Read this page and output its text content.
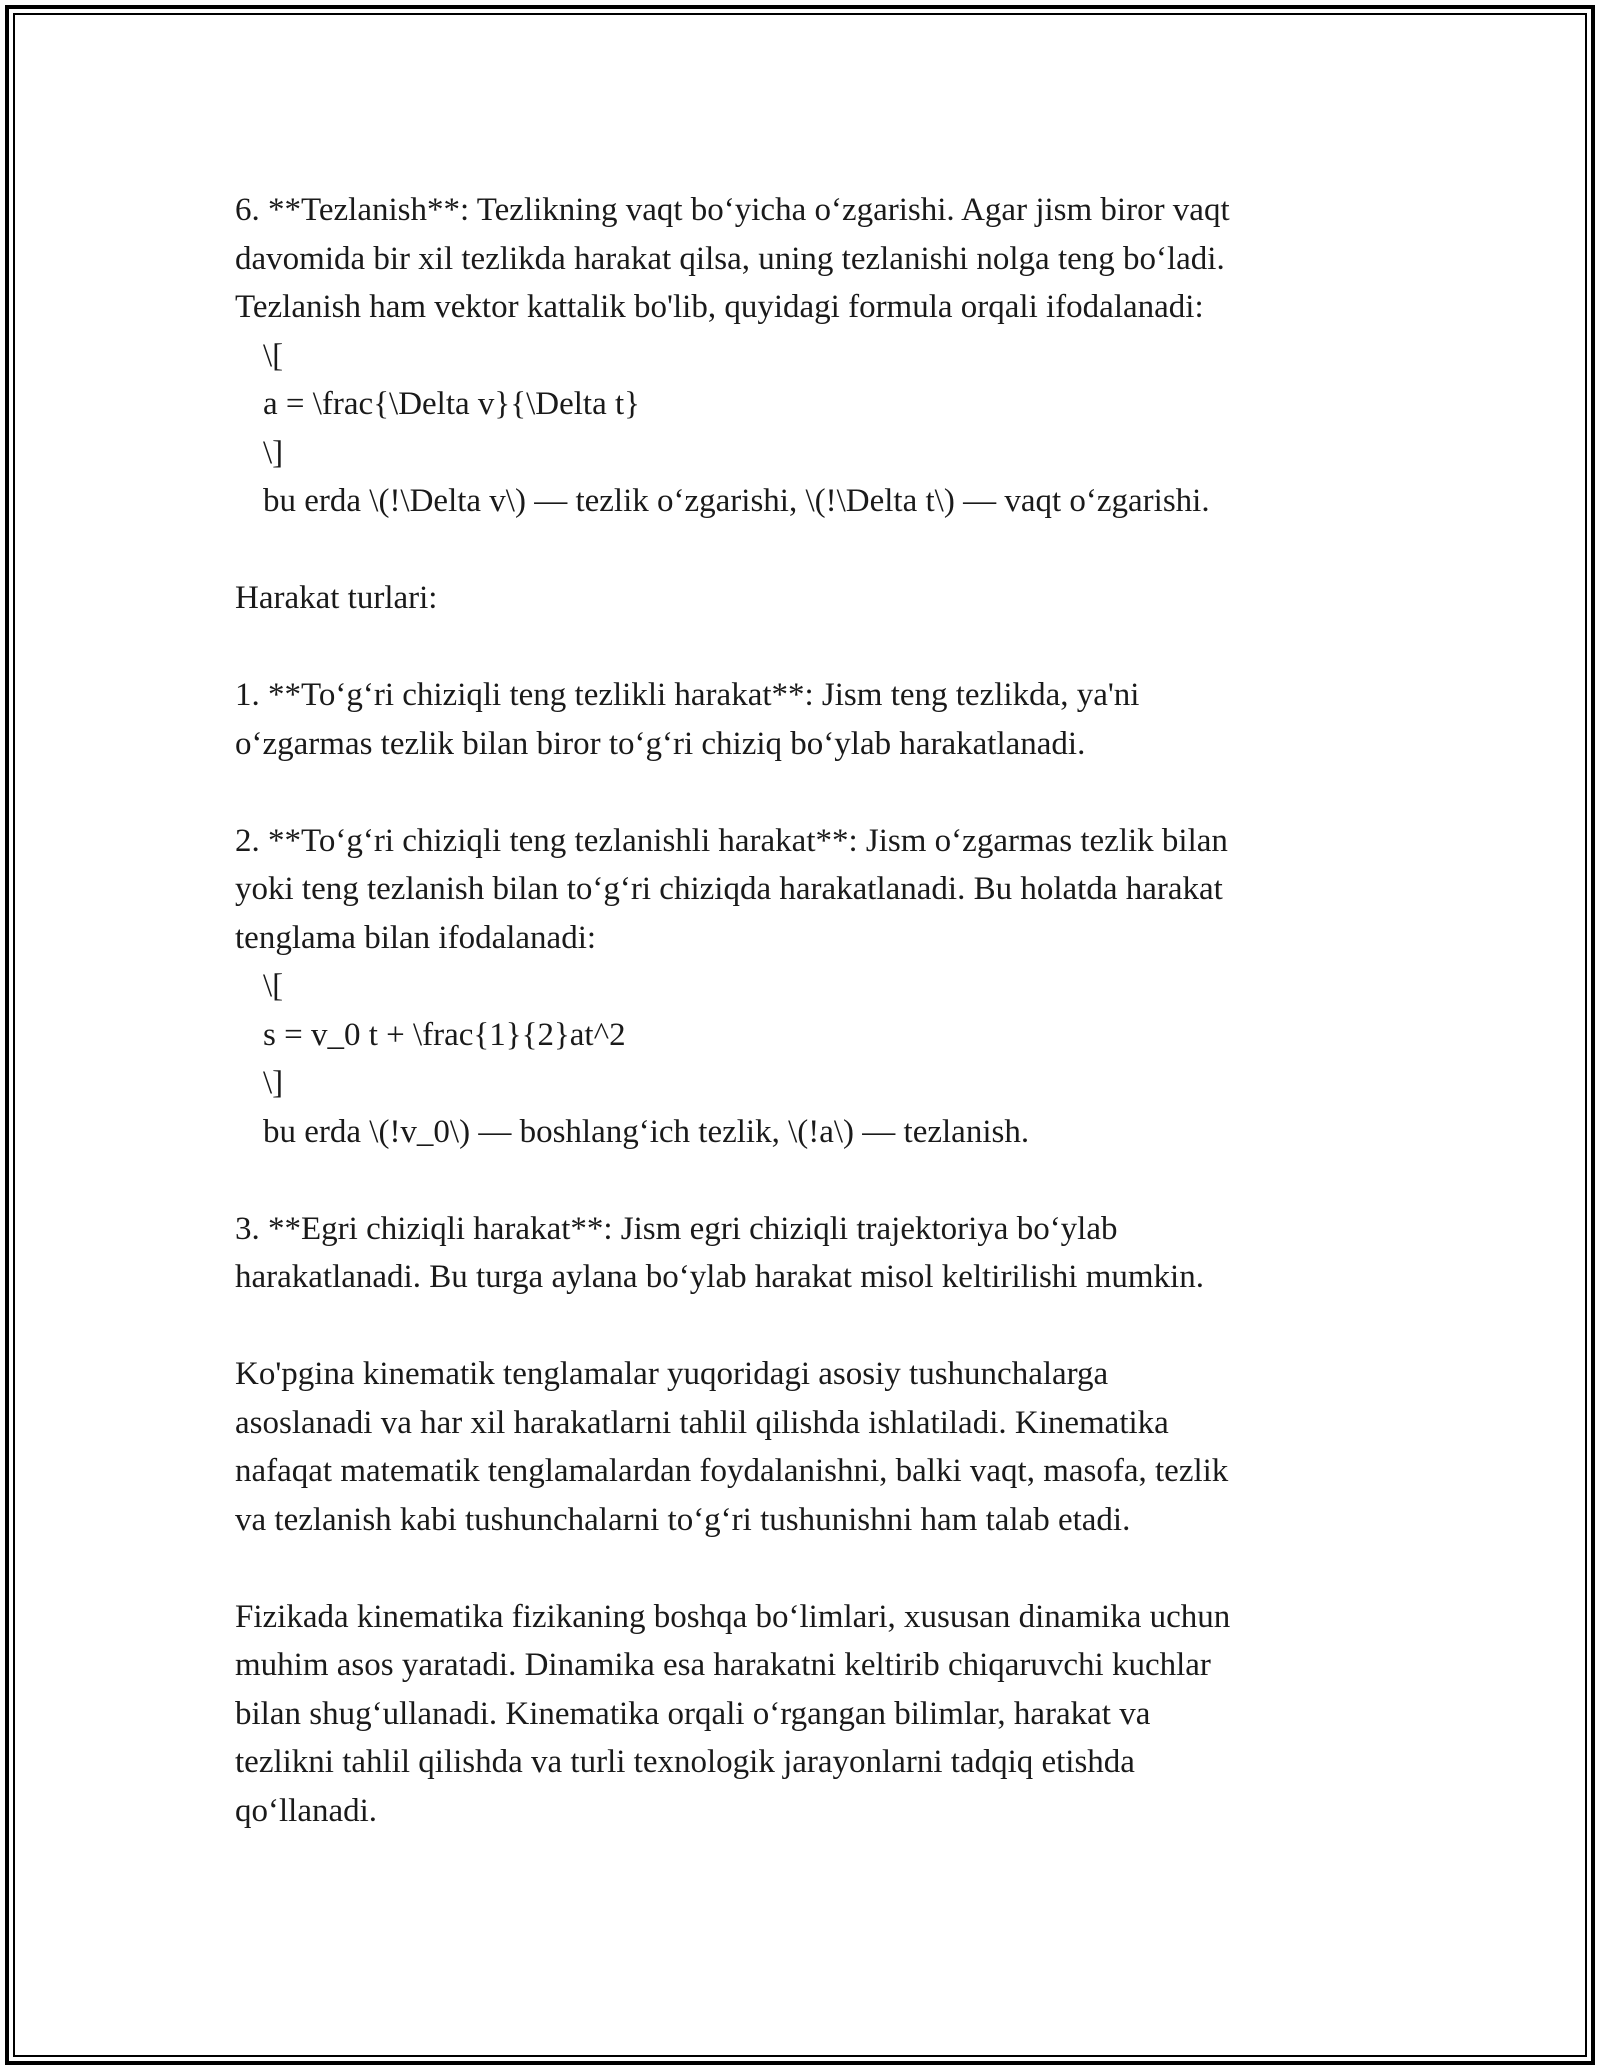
6. **Tezlanish**: Tezlikning vaqt bo‘yicha o‘zgarishi. Agar jism biror vaqt

davomida bir xil tezlikda harakat qilsa, uning tezlanishi nolga teng bo‘ladi.

Tezlanish ham vektor kattalik bo'lib, quyidagi formula orqali ifodalanadi:

\[

a = \frac{\Delta v}{\Delta t}

\]

bu erda \(!\Delta v\) — tezlik o‘zgarishi, \(!\Delta t\) — vaqt o‘zgarishi.

Harakat turlari:

1. **To‘g‘ri chiziqli teng tezlikli harakat**: Jism teng tezlikda, ya'ni

o‘zgarmas tezlik bilan biror to‘g‘ri chiziq bo‘ylab harakatlanadi.

2. **To‘g‘ri chiziqli teng tezlanishli harakat**: Jism o‘zgarmas tezlik bilan

yoki teng tezlanish bilan to‘g‘ri chiziqda harakatlanadi. Bu holatda harakat

tenglama bilan ifodalanadi:

\[

s = v_0 t + \frac{1}{2}at^2

\]

bu erda \(!v_0\) — boshlang‘ich tezlik, \(!a\) — tezlanish.

3. **Egri chiziqli harakat**: Jism egri chiziqli trajektoriya bo‘ylab

harakatlanadi. Bu turga aylana bo‘ylab harakat misol keltirilishi mumkin.

Ko'pgina kinematik tenglamalar yuqoridagi asosiy tushunchalarga

asoslanadi va har xil harakatlarni tahlil qilishda ishlatiladi. Kinematika

nafaqat matematik tenglamalardan foydalanishni, balki vaqt, masofa, tezlik

va tezlanish kabi tushunchalarni to‘g‘ri tushunishni ham talab etadi.

Fizikada kinematika fizikaning boshqa bo‘limlari, xususan dinamika uchun

muhim asos yaratadi. Dinamika esa harakatni keltirib chiqaruvchi kuchlar

bilan shug‘ullanadi. Kinematika orqali o‘rgangan bilimlar, harakat va

tezlikni tahlil qilishda va turli texnologik jarayonlarni tadqiq etishda

qo‘llanadi.
